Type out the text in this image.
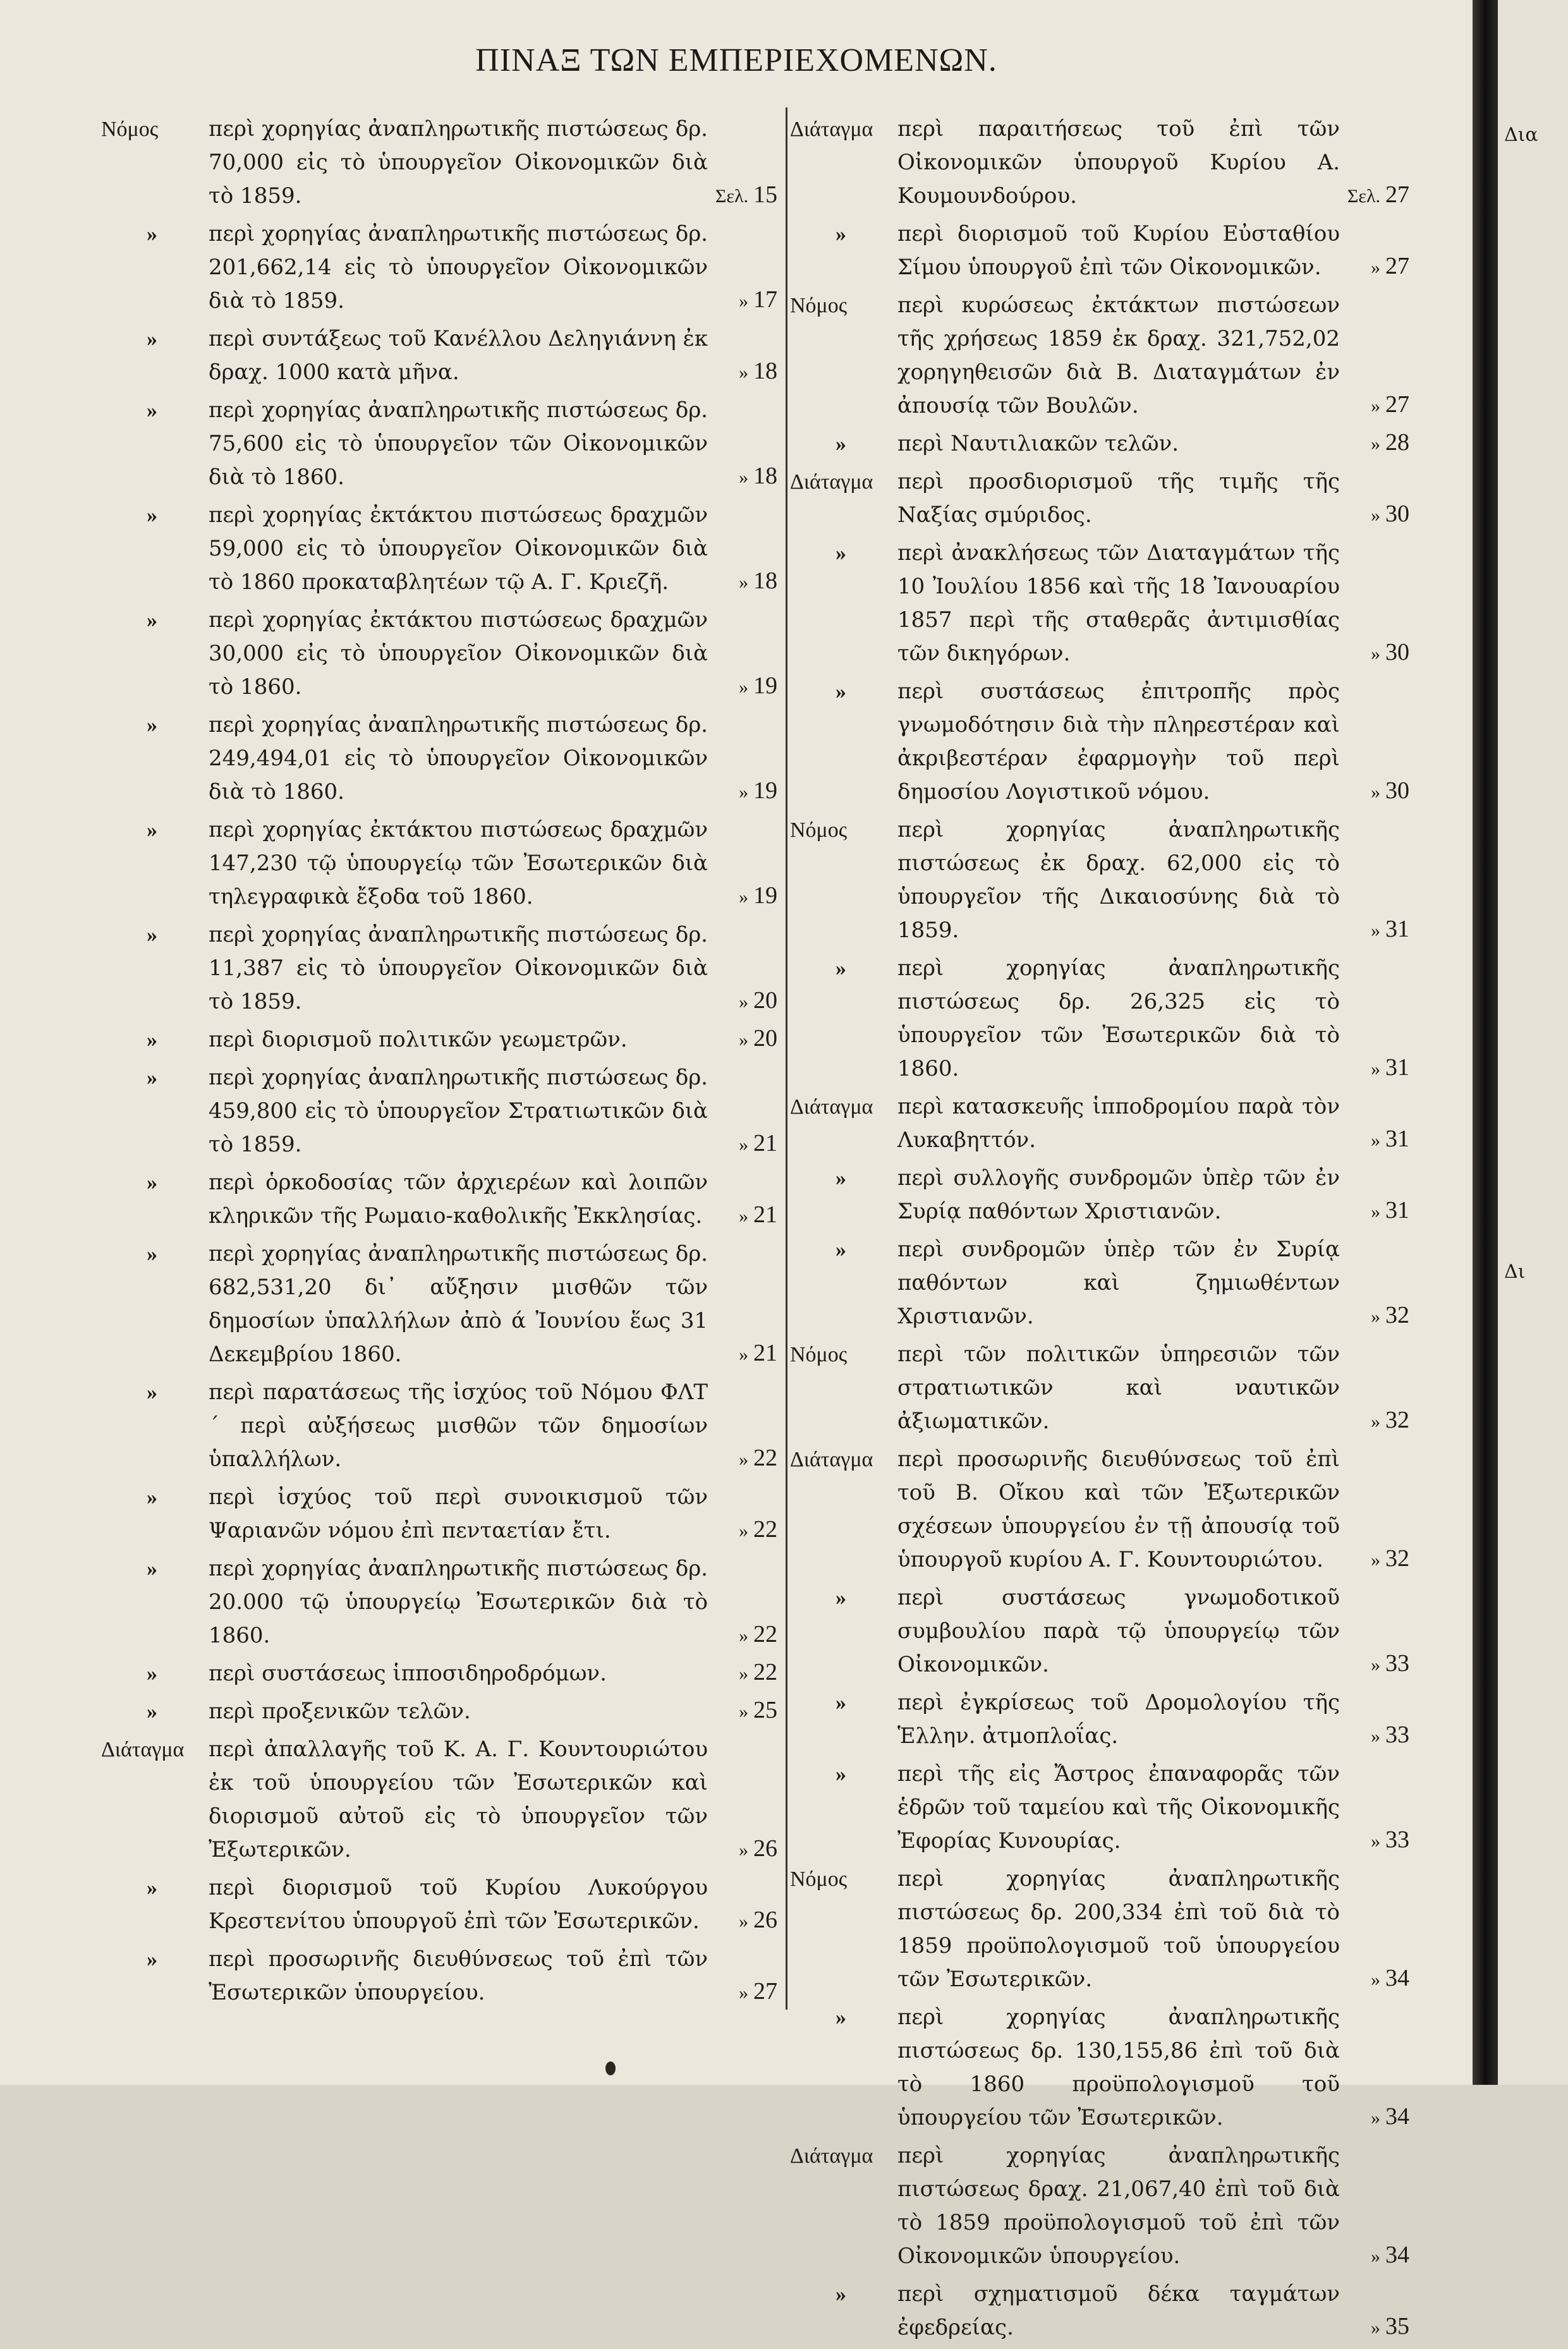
ΠΙΝΑΞ ΤΩΝ ΕΜΠΕΡΙΕΧΟΜΕΝΩΝ.
Νόμος	περὶ χορηγίας ἀναπληρωτικῆς πιστώσεως δρ. 70,000 εἰς τὸ ὑπουργεῖον Οἰκονομικῶν διὰ τὸ 1859.	Σελ. 15
»	περὶ χορηγίας ἀναπληρωτικῆς πιστώσεως δρ. 201,662,14 εἰς τὸ ὑπουργεῖον Οἰκονομικῶν διὰ τὸ 1859.	» 17
»	περὶ συντάξεως τοῦ Κανέλλου Δεληγιάννη ἐκ δραχ. 1000 κατὰ μῆνα.	» 18
»	περὶ χορηγίας ἀναπληρωτικῆς πιστώσεως δρ. 75,600 εἰς τὸ ὑπουργεῖον τῶν Οἰκονομικῶν διὰ τὸ 1860.	» 18
»	περὶ χορηγίας ἐκτάκτου πιστώσεως δραχμῶν 59,000 εἰς τὸ ὑπουργεῖον Οἰκονομικῶν διὰ τὸ 1860 προκαταβλητέων τῷ Α. Γ. Κριεζῆ.	» 18
»	περὶ χορηγίας ἐκτάκτου πιστώσεως δραχμῶν 30,000 εἰς τὸ ὑπουργεῖον Οἰκονομικῶν διὰ τὸ 1860.	» 19
»	περὶ χορηγίας ἀναπληρωτικῆς πιστώσεως δρ. 249,494,01 εἰς τὸ ὑπουργεῖον Οἰκονομικῶν διὰ τὸ 1860.	» 19
»	περὶ χορηγίας ἐκτάκτου πιστώσεως δραχμῶν 147,230 τῷ ὑπουργείῳ τῶν Ἐσωτερικῶν διὰ τηλεγραφικὰ ἔξοδα τοῦ 1860.	» 19
»	περὶ χορηγίας ἀναπληρωτικῆς πιστώσεως δρ. 11,387 εἰς τὸ ὑπουργεῖον Οἰκονομικῶν διὰ τὸ 1859.	» 20
»	περὶ διορισμοῦ πολιτικῶν γεωμετρῶν.	» 20
»	περὶ χορηγίας ἀναπληρωτικῆς πιστώσεως δρ. 459,800 εἰς τὸ ὑπουργεῖον Στρατιωτικῶν διὰ τὸ 1859.	» 21
»	περὶ ὁρκοδοσίας τῶν ἀρχιερέων καὶ λοιπῶν κληρικῶν τῆς Ρωμαιο-καθολικῆς Ἐκκλησίας.	» 21
»	περὶ χορηγίας ἀναπληρωτικῆς πιστώσεως δρ. 682,531,20 δι᾽ αὔξησιν μισθῶν τῶν δημοσίων ὑπαλλήλων ἀπὸ ά Ἰουνίου ἕως 31 Δεκεμβρίου 1860.	» 21
»	περὶ παρατάσεως τῆς ἰσχύος τοῦ Νόμου ΦΛΤ´ περὶ αὐξήσεως μισθῶν τῶν δημοσίων ὑπαλλήλων.	» 22
»	περὶ ἰσχύος τοῦ περὶ συνοικισμοῦ τῶν Ψαριανῶν νόμου ἐπὶ πενταετίαν ἔτι.	» 22
»	περὶ χορηγίας ἀναπληρωτικῆς πιστώσεως δρ. 20.000 τῷ ὑπουργείῳ Ἐσωτερικῶν διὰ τὸ 1860.	» 22
»	περὶ συστάσεως ἱπποσιδηροδρόμων.	» 22
»	περὶ προξενικῶν τελῶν.	» 25
Διάταγμα	περὶ ἀπαλλαγῆς τοῦ Κ. Α. Γ. Κουντουριώτου ἐκ τοῦ ὑπουργείου τῶν Ἐσωτερικῶν καὶ διορισμοῦ αὐτοῦ εἰς τὸ ὑπουργεῖον τῶν Ἐξωτερικῶν.	» 26
»	περὶ διορισμοῦ τοῦ Κυρίου Λυκούργου Κρεστενίτου ὑπουργοῦ ἐπὶ τῶν Ἐσωτερικῶν.	» 26
»	περὶ προσωρινῆς διευθύνσεως τοῦ ἐπὶ τῶν Ἐσωτερικῶν ὑπουργείου.	» 27
Διάταγμα	περὶ παραιτήσεως τοῦ ἐπὶ τῶν Οἰκονομικῶν ὑπουργοῦ Κυρίου Α. Κουμουνδούρου.	Σελ. 27
»	περὶ διορισμοῦ τοῦ Κυρίου Εὐσταθίου Σίμου ὑπουργοῦ ἐπὶ τῶν Οἰκονομικῶν.	» 27
Νόμος	περὶ κυρώσεως ἐκτάκτων πιστώσεων τῆς χρήσεως 1859 ἐκ δραχ. 321,752,02 χορηγηθεισῶν διὰ Β. Διαταγμάτων ἐν ἀπουσίᾳ τῶν Βουλῶν.	» 27
»	περὶ Ναυτιλιακῶν τελῶν.	» 28
Διάταγμα	περὶ προσδιορισμοῦ τῆς τιμῆς τῆς Ναξίας σμύριδος.	» 30
»	περὶ ἀνακλήσεως τῶν Διαταγμάτων τῆς 10 Ἰουλίου 1856 καὶ τῆς 18 Ἰανουαρίου 1857 περὶ τῆς σταθερᾶς ἀντιμισθίας τῶν δικηγόρων.	» 30
»	περὶ συστάσεως ἐπιτροπῆς πρὸς γνωμοδότησιν διὰ τὴν πληρεστέραν καὶ ἀκριβεστέραν ἐφαρμογὴν τοῦ περὶ δημοσίου Λογιστικοῦ νόμου.	» 30
Νόμος	περὶ χορηγίας ἀναπληρωτικῆς πιστώσεως ἐκ δραχ. 62,000 εἰς τὸ ὑπουργεῖον τῆς Δικαιοσύνης διὰ τὸ 1859.	» 31
»	περὶ χορηγίας ἀναπληρωτικῆς πιστώσεως δρ. 26,325 εἰς τὸ ὑπουργεῖον τῶν Ἐσωτερικῶν διὰ τὸ 1860.	» 31
Διάταγμα	περὶ κατασκευῆς ἱπποδρομίου παρὰ τὸν Λυκαβηττόν.	» 31
»	περὶ συλλογῆς συνδρομῶν ὑπὲρ τῶν ἐν Συρίᾳ παθόντων Χριστιανῶν.	» 31
»	περὶ συνδρομῶν ὑπὲρ τῶν ἐν Συρίᾳ παθόντων καὶ ζημιωθέντων Χριστιανῶν.	» 32
Νόμος	περὶ τῶν πολιτικῶν ὑπηρεσιῶν τῶν στρατιωτικῶν καὶ ναυτικῶν ἀξιωματικῶν.	» 32
Διάταγμα	περὶ προσωρινῆς διευθύνσεως τοῦ ἐπὶ τοῦ Β. Οἴκου καὶ τῶν Ἐξωτερικῶν σχέσεων ὑπουργείου ἐν τῇ ἀπουσίᾳ τοῦ ὑπουργοῦ κυρίου Α. Γ. Κουντουριώτου.	» 32
»	περὶ συστάσεως γνωμοδοτικοῦ συμβουλίου παρὰ τῷ ὑπουργείῳ τῶν Οἰκονομικῶν.	» 33
»	περὶ ἐγκρίσεως τοῦ Δρομολογίου τῆς Ἑλλην. ἀτμοπλοΐας.	» 33
»	περὶ τῆς εἰς Ἄστρος ἐπαναφορᾶς τῶν ἑδρῶν τοῦ ταμείου καὶ τῆς Οἰκονομικῆς Ἐφορίας Κυνουρίας.	» 33
Νόμος	περὶ χορηγίας ἀναπληρωτικῆς πιστώσεως δρ. 200,334 ἐπὶ τοῦ διὰ τὸ 1859 προϋπολογισμοῦ τοῦ ὑπουργείου τῶν Ἐσωτερικῶν.	» 34
»	περὶ χορηγίας ἀναπληρωτικῆς πιστώσεως δρ. 130,155,86 ἐπὶ τοῦ διὰ τὸ 1860 προϋπολογισμοῦ τοῦ ὑπουργείου τῶν Ἐσωτερικῶν.	» 34
Διάταγμα	περὶ χορηγίας ἀναπληρωτικῆς πιστώσεως δραχ. 21,067,40 ἐπὶ τοῦ διὰ τὸ 1859 προϋπολογισμοῦ τοῦ ἐπὶ τῶν Οἰκονομικῶν ὑπουργείου.	» 34
»	περὶ σχηματισμοῦ δέκα ταγμάτων ἐφεδρείας.	» 35
Δια
Δι
